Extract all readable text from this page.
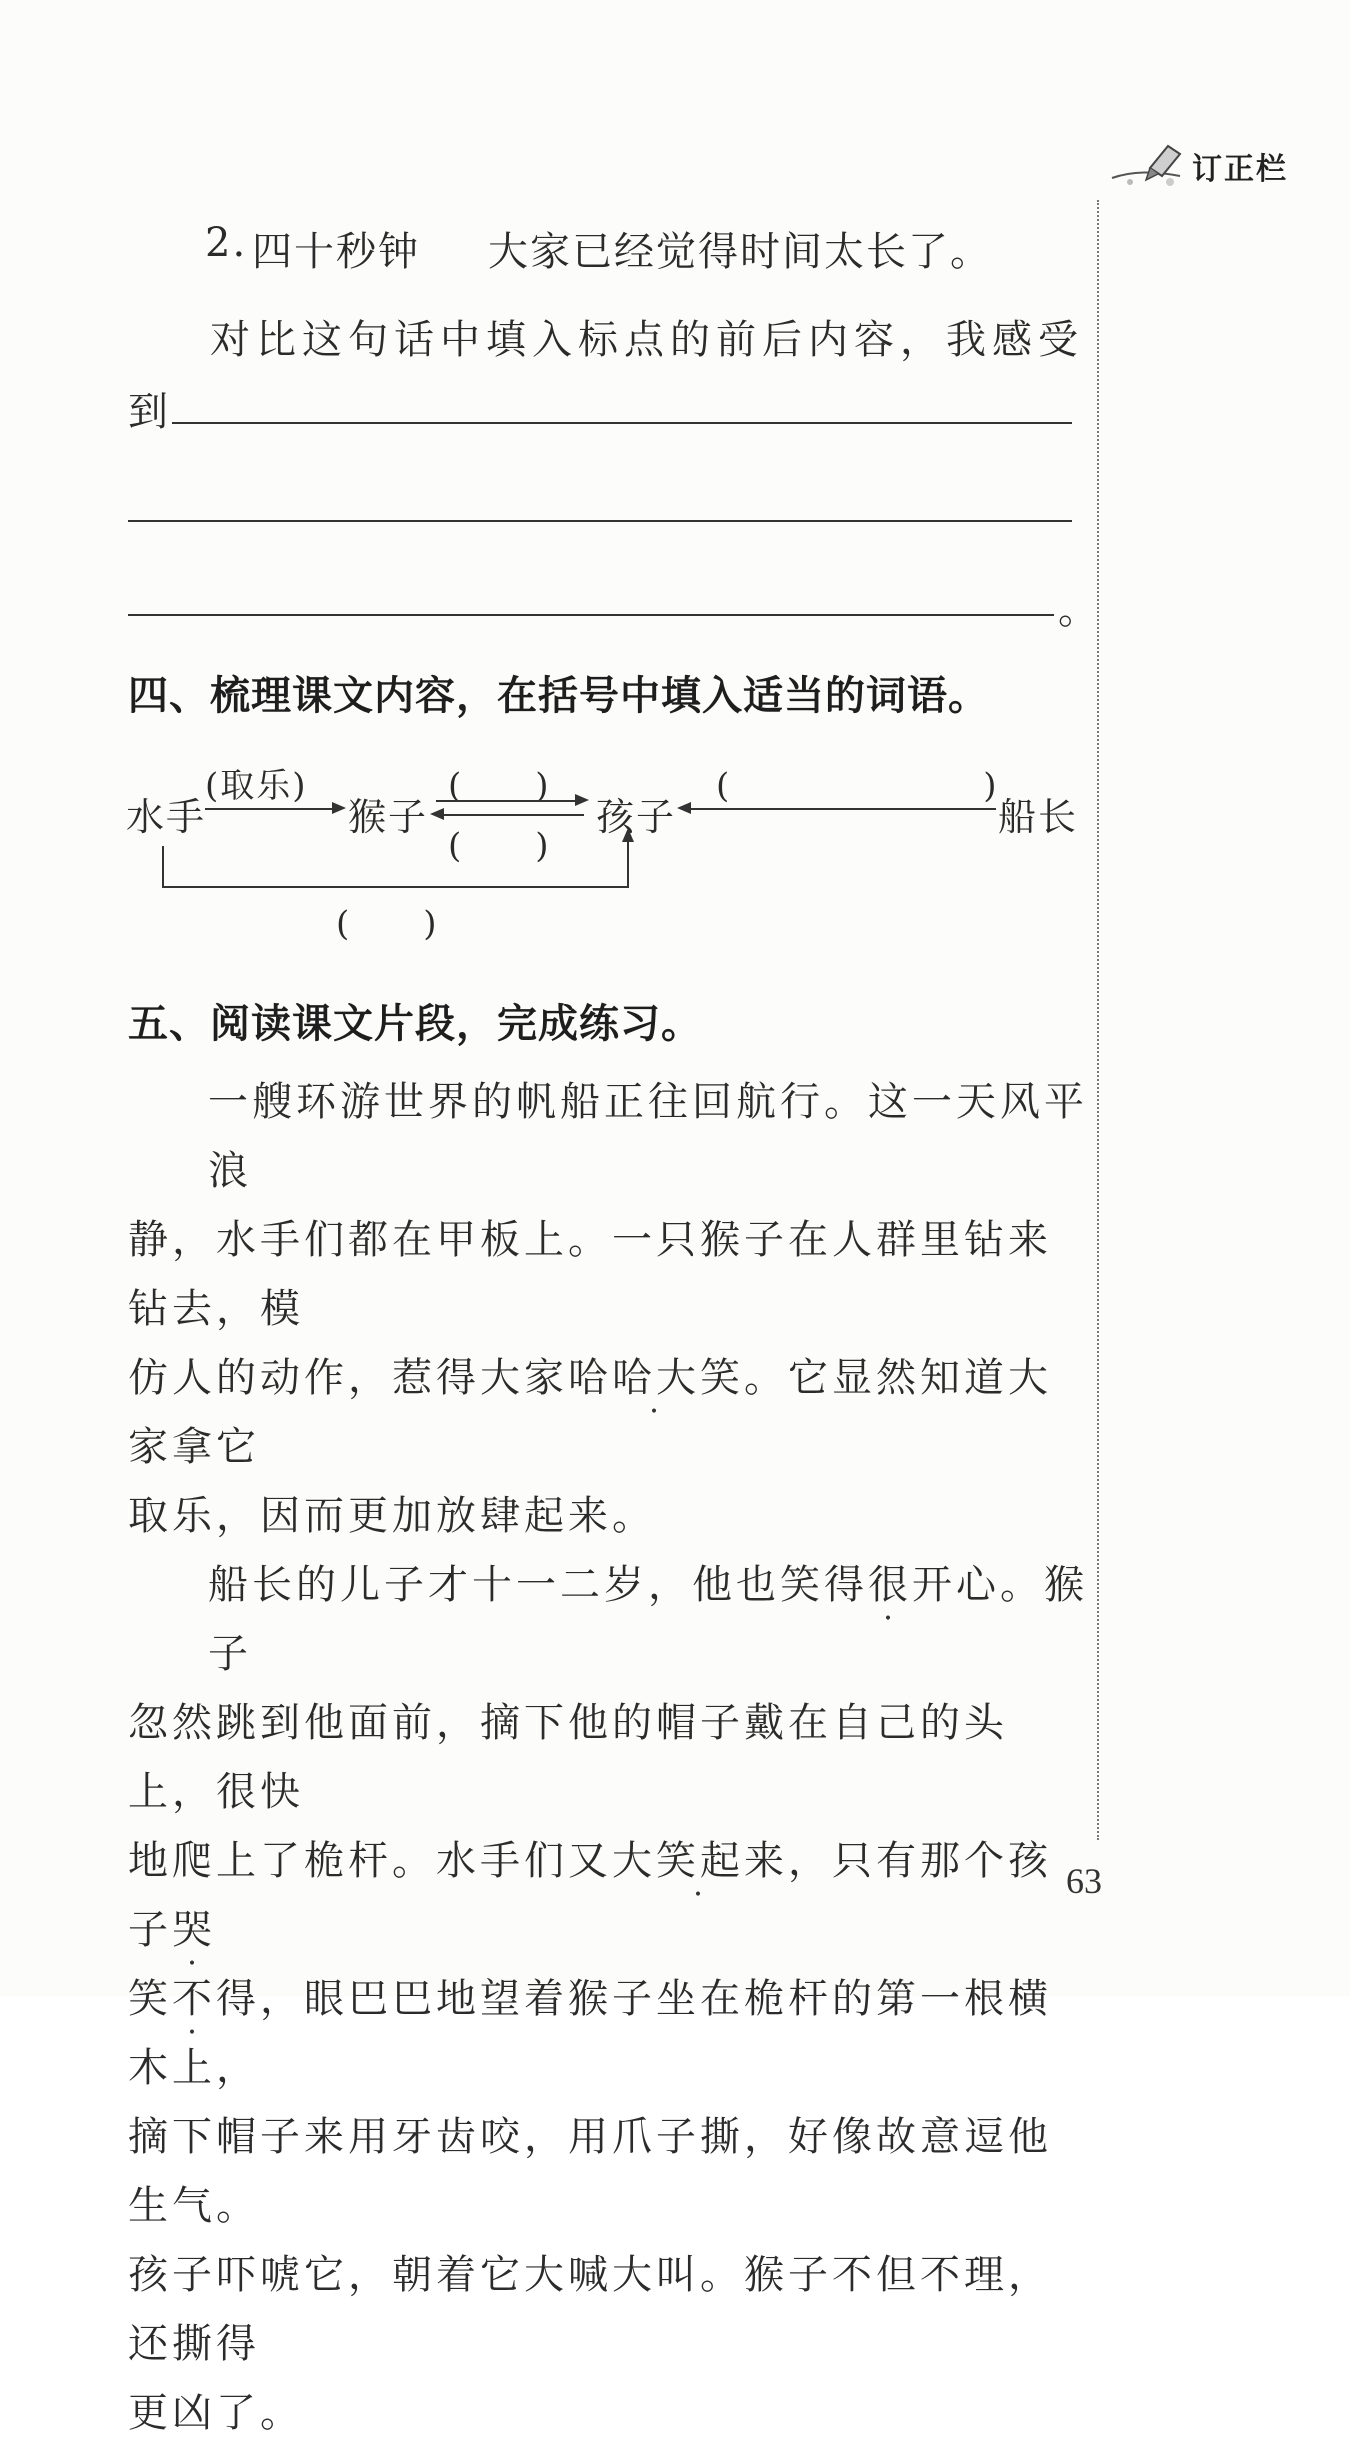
订正栏
2. 四十秒钟 大家已经觉得时间太长了。
对比这句话中填入标点的前后内容，我感受
到
。
四、梳理课文内容，在括号中填入适当的词语。
水手
(取乐)
猴子
(　　)
(　　)
孩子
(　　　　　　　)
船长
(　　)
五、阅读课文片段，完成练习。
一艘环游世界的帆船正往回航行。这一天风平浪
静，水手们都在甲板上。一只猴子在人群里钻来钻去，模
仿人的动作，惹得大家哈哈大笑。它显然知道大家拿它
取乐，因而更加放肆起来。
船长的儿子才十一二岁，他也笑得很开心 •。猴子
忽然跳到他面前，摘下他的帽子戴在自己的头上，很快
地爬上了桅杆。水手们又大笑起来，只有那个孩子哭
笑不得，眼巴巴地望着猴子坐在桅杆的第一根横木上，
摘下帽子来用牙齿咬，用爪子撕，好像故意逗他生气。
孩子吓唬它，朝着它大喊大叫。猴子不但不理，还撕得
更凶了。
63
